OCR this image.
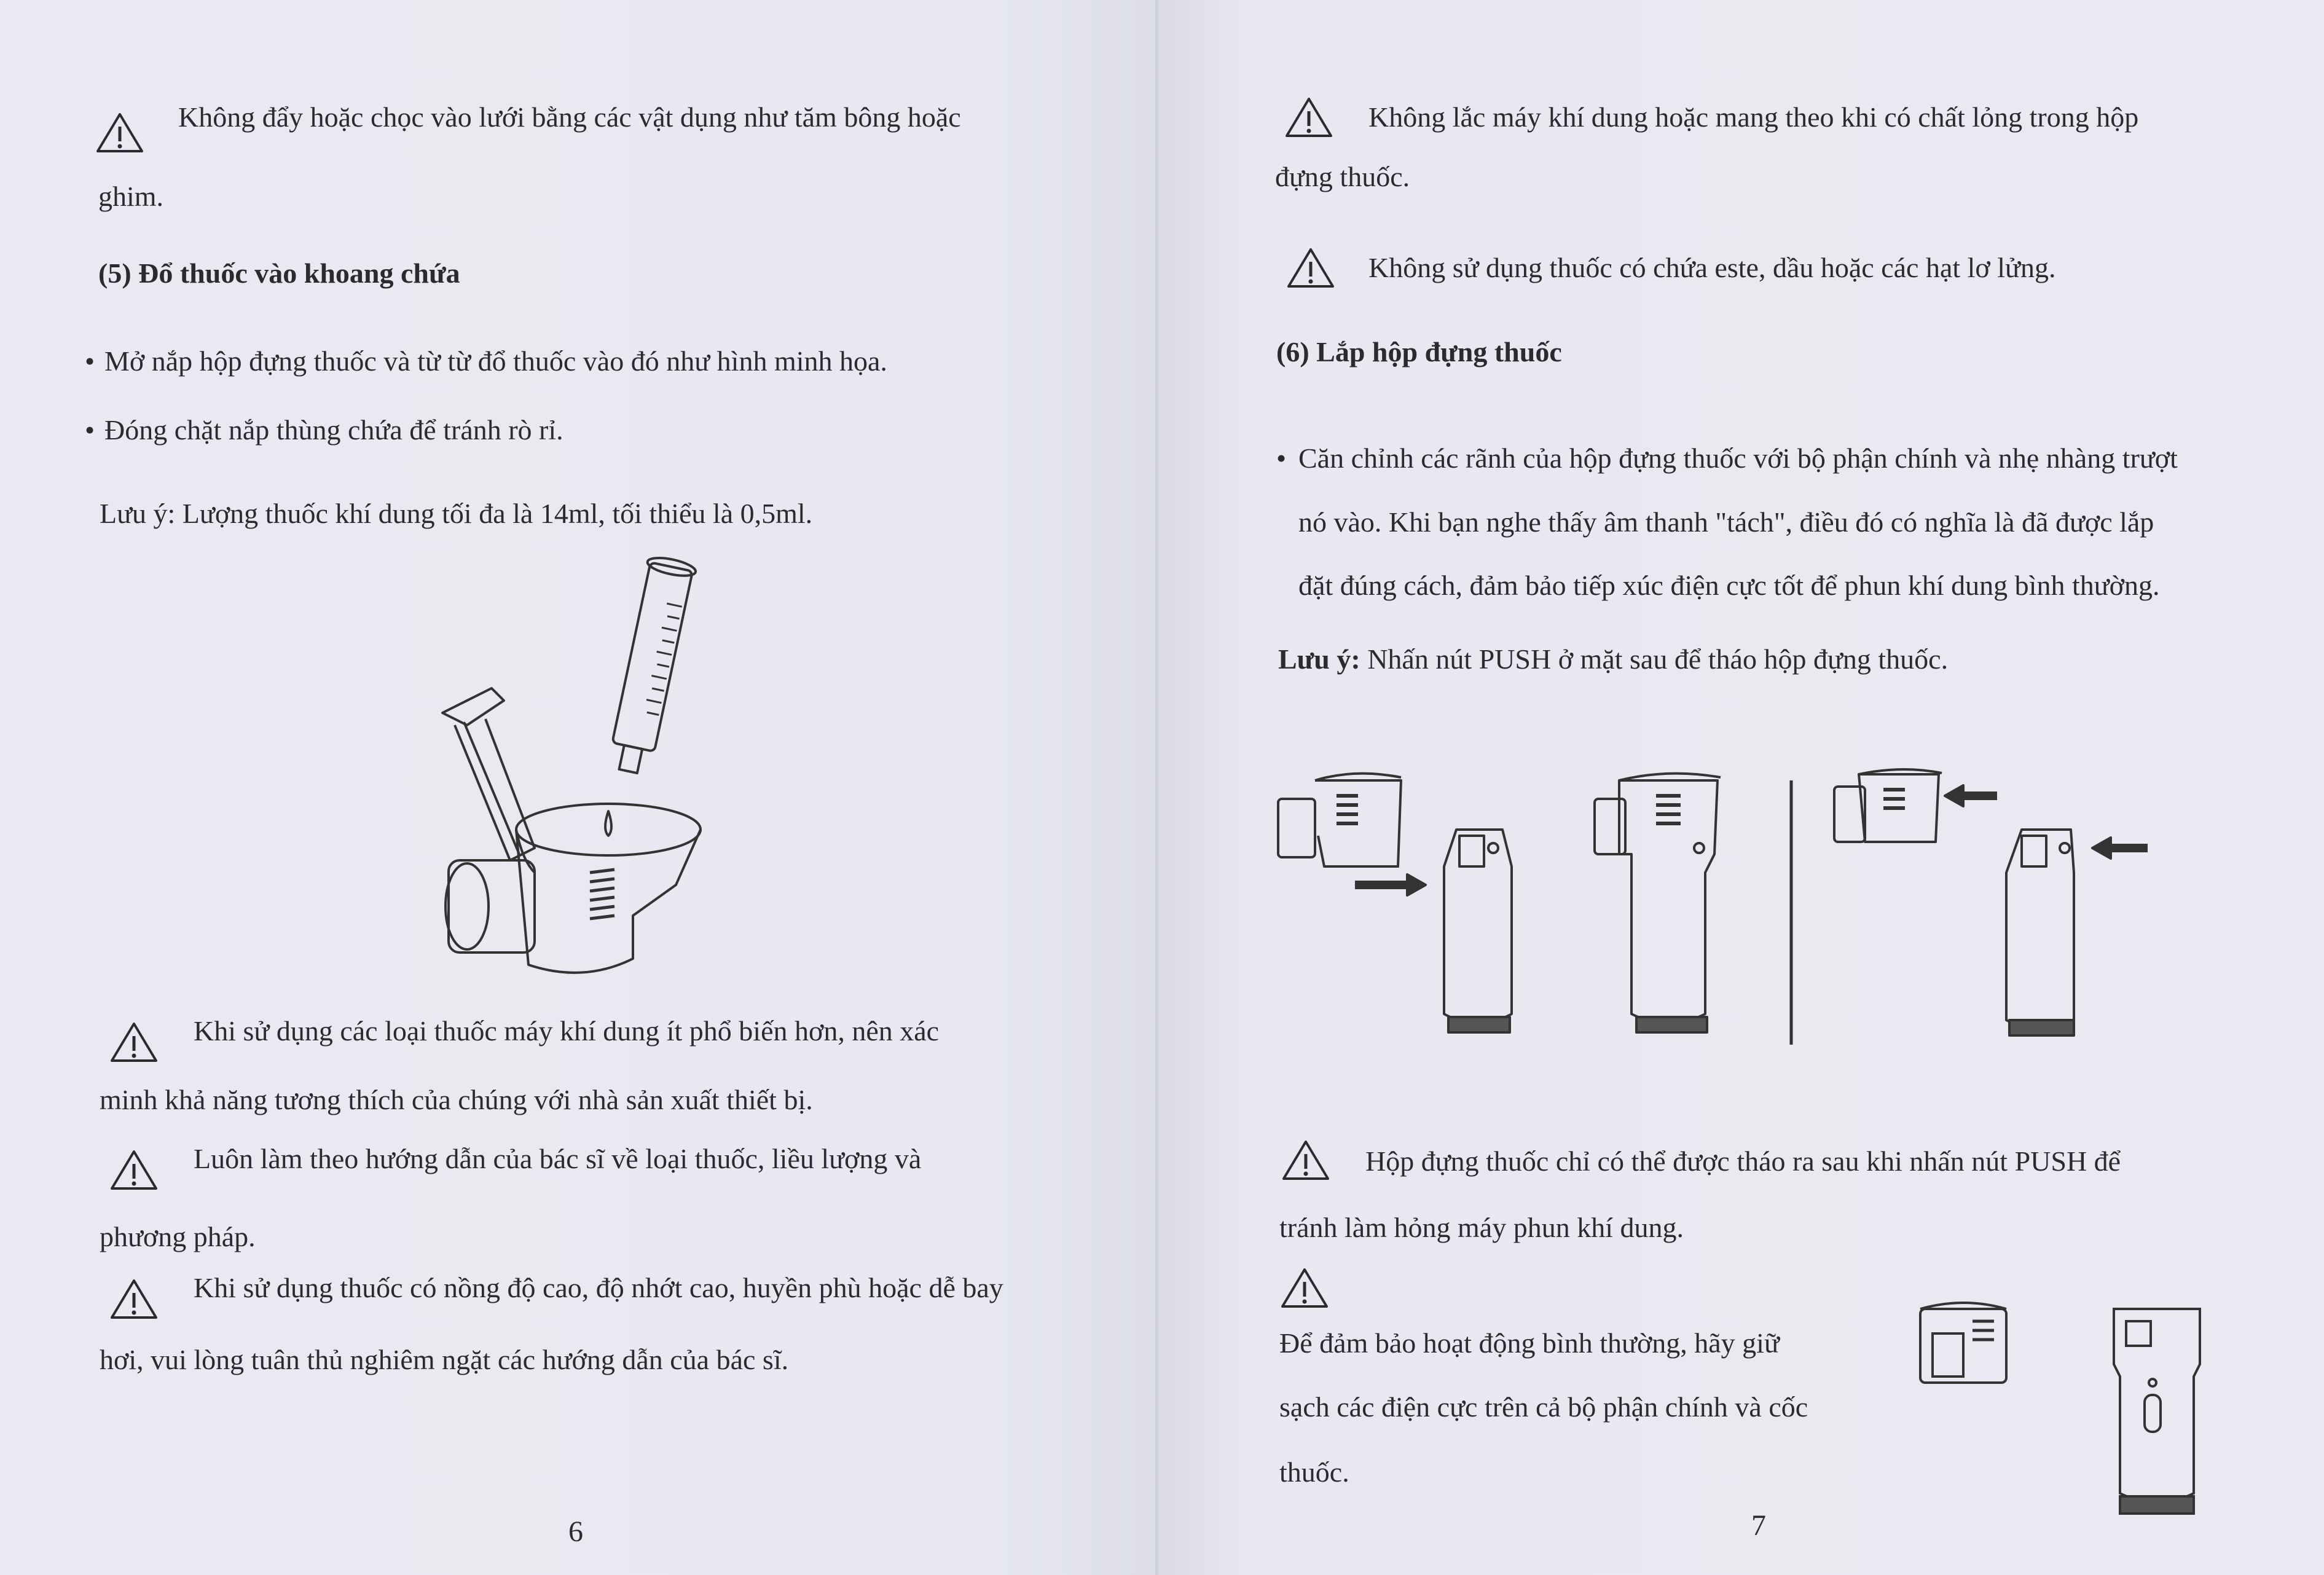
Không đẩy hoặc chọc vào lưới bằng các vật dụng như tăm bông hoặc
ghim.
(5) Đổ thuốc vào khoang chứa
• Mở nắp hộp đựng thuốc và từ từ đổ thuốc vào đó như hình minh họa.
• Đóng chặt nắp thùng chứa để tránh rò rỉ.
Lưu ý: Lượng thuốc khí dung tối đa là 14ml, tối thiểu là 0,5ml.
Khi sử dụng các loại thuốc máy khí dung ít phổ biến hơn, nên xác
minh khả năng tương thích của chúng với nhà sản xuất thiết bị.
Luôn làm theo hướng dẫn của bác sĩ về loại thuốc, liều lượng và
phương pháp.
Khi sử dụng thuốc có nồng độ cao, độ nhớt cao, huyền phù hoặc dễ bay
hơi, vui lòng tuân thủ nghiêm ngặt các hướng dẫn của bác sĩ.
6
Không lắc máy khí dung hoặc mang theo khi có chất lỏng trong hộp
đựng thuốc.
Không sử dụng thuốc có chứa este, dầu hoặc các hạt lơ lửng.
(6) Lắp hộp đựng thuốc
• Căn chỉnh các rãnh của hộp đựng thuốc với bộ phận chính và nhẹ nhàng trượt
nó vào. Khi bạn nghe thấy âm thanh "tách", điều đó có nghĩa là đã được lắp
đặt đúng cách, đảm bảo tiếp xúc điện cực tốt để phun khí dung bình thường.
Lưu ý: Nhấn nút PUSH ở mặt sau để tháo hộp đựng thuốc.
Hộp đựng thuốc chỉ có thể được tháo ra sau khi nhấn nút PUSH để
tránh làm hỏng máy phun khí dung.
Để đảm bảo hoạt động bình thường, hãy giữ
sạch các điện cực trên cả bộ phận chính và cốc
thuốc.
7
